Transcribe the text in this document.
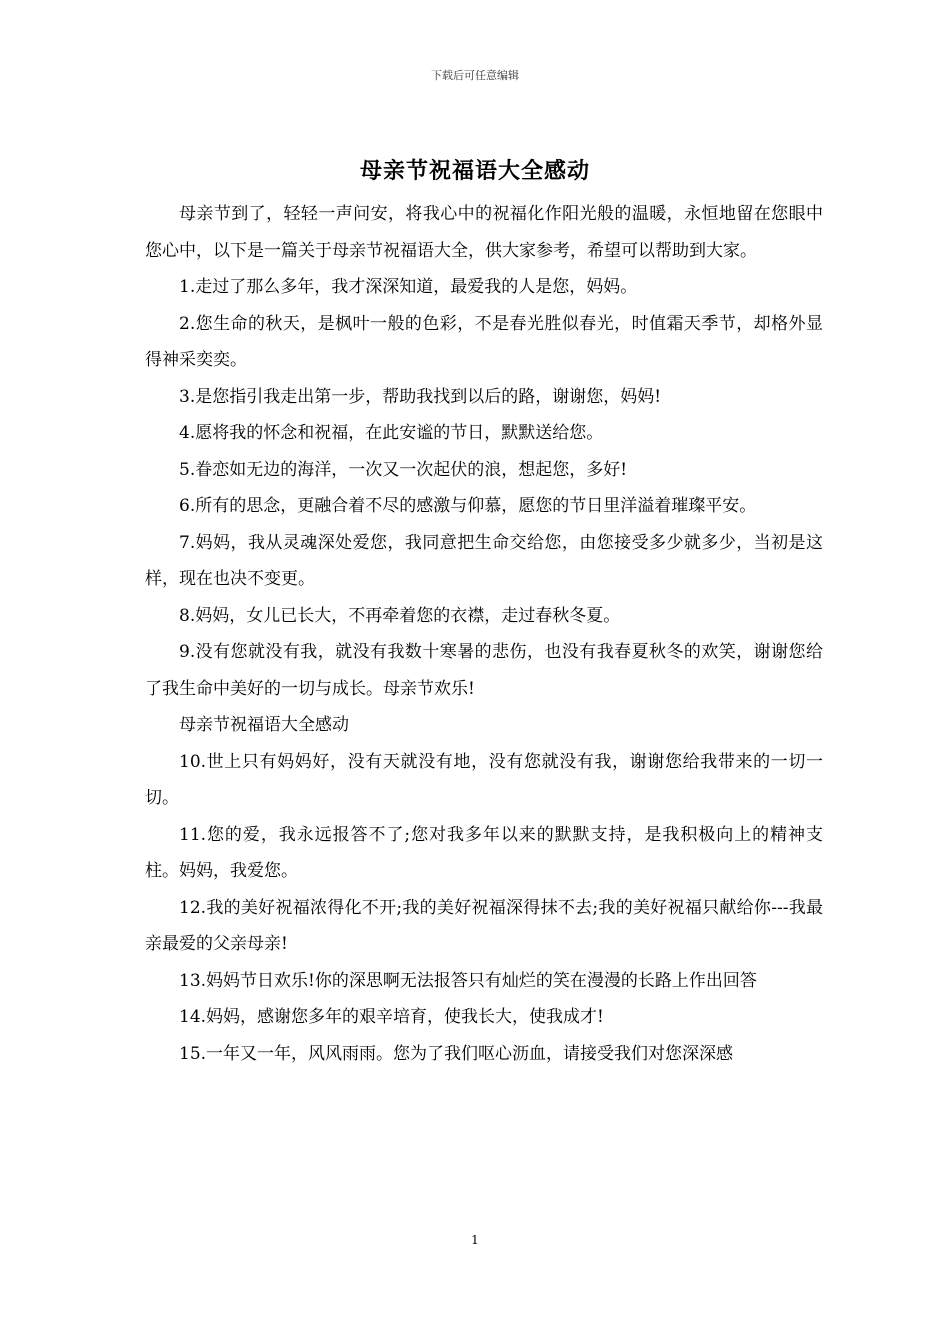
下载后可任意编辑
母亲节祝福语大全感动

母亲节到了，轻轻一声问安，将我心中的祝福化作阳光般的温暖，永恒地留在您眼中您心中，以下是一篇关于母亲节祝福语大全，供大家参考，希望可以帮助到大家。

1.走过了那么多年，我才深深知道，最爱我的人是您，妈妈。

2.您生命的秋天，是枫叶一般的色彩，不是春光胜似春光，时值霜天季节，却格外显得神采奕奕。

3.是您指引我走出第一步，帮助我找到以后的路，谢谢您，妈妈!

4.愿将我的怀念和祝福，在此安谧的节日，默默送给您。

5.眷恋如无边的海洋，一次又一次起伏的浪，想起您，多好!

6.所有的思念，更融合着不尽的感激与仰慕，愿您的节日里洋溢着璀璨平安。

7.妈妈，我从灵魂深处爱您，我同意把生命交给您，由您接受多少就多少，当初是这样，现在也决不变更。

8.妈妈，女儿已长大，不再牵着您的衣襟，走过春秋冬夏。

9.没有您就没有我，就没有我数十寒暑的悲伤，也没有我春夏秋冬的欢笑，谢谢您给了我生命中美好的一切与成长。母亲节欢乐!

母亲节祝福语大全感动

10.世上只有妈妈好，没有天就没有地，没有您就没有我，谢谢您给我带来的一切一切。

11.您的爱，我永远报答不了;您对我多年以来的默默支持，是我积极向上的精神支柱。妈妈，我爱您。

12.我的美好祝福浓得化不开;我的美好祝福深得抹不去;我的美好祝福只献给你---我最亲最爱的父亲母亲!

13.妈妈节日欢乐!你的深思啊无法报答只有灿烂的笑在漫漫的长路上作出回答

14.妈妈，感谢您多年的艰辛培育，使我长大，使我成才!

15.一年又一年，风风雨雨。您为了我们呕心沥血，请接受我们对您深深感

1
